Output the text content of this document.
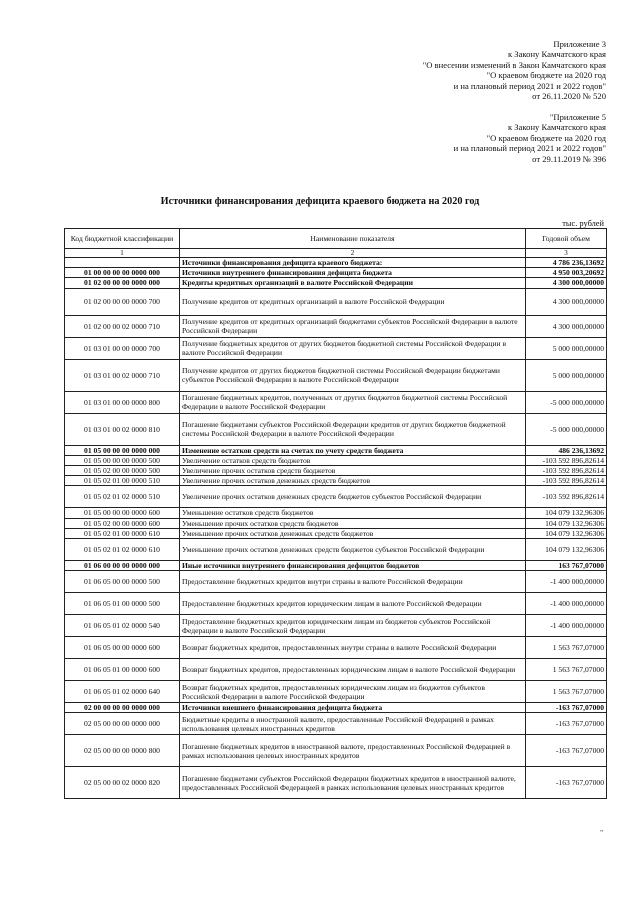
Приложение 3
к Закону Камчатского края
"О внесении изменений в Закон Камчатского края
"О краевом бюджете на 2020 год
и на плановый период 2021 и 2022 годов"
от 26.11.2020 № 520
"Приложение 5
к Закону Камчатского края
"О краевом бюджете на 2020 год
и на плановый период 2021 и 2022 годов"
от 29.11.2019 № 396
Источники финансирования дефицита краевого бюджета на 2020 год
тыс. рублей
Код бюджетной классификации	Наименование показателя	Годовой объем
1	2	3
	Источники финансирования дефицита краевого бюджета:	4 786 236,13692
01 00 00 00 00 0000 000	Источники внутреннего финансирования дефицита бюджета	4 950 003,20692
01 02 00 00 00 0000 000	Кредиты кредитных организаций в валюте Российской Федерации	4 300 000,00000
01 02 00 00 00 0000 700	Получение кредитов от кредитных организаций в валюте Российской Федерации	4 300 000,00000
01 02 00 00 02 0000 710	Получение кредитов от кредитных организаций бюджетами субъектов Российской Федерации в валюте Российской Федерации	4 300 000,00000
01 03 01 00 00 0000 700	Получение бюджетных кредитов от других бюджетов бюджетной системы Российской Федерации в валюте Российской Федерации	5 000 000,00000
01 03 01 00 02 0000 710	Получение кредитов от других бюджетов бюджетной системы Российской Федерации бюджетами субъектов Российской Федерации в валюте Российской Федерации	5 000 000,00000
01 03 01 00 00 0000 800	Погашение бюджетных кредитов, полученных от других бюджетов бюджетной системы Российской Федерации в валюте Российской Федерации	-5 000 000,00000
01 03 01 00 02 0000 810	Погашение бюджетами субъектов Российской Федерации кредитов от других бюджетов бюджетной системы Российской Федерации в валюте Российской Федерации	-5 000 000,00000
01 05 00 00 00 0000 000	Изменение остатков средств на счетах по учету средств бюджета	486 236,13692
01 05 00 00 00 0000 500	Увеличение остатков средств бюджетов	-103 592 896,82614
01 05 02 00 00 0000 500	Увеличение прочих остатков средств бюджетов	-103 592 896,82614
01 05 02 01 00 0000 510	Увеличение прочих остатков денежных средств бюджетов	-103 592 896,82614
01 05 02 01 02 0000 510	Увеличение прочих остатков денежных средств бюджетов субъектов Российской Федерации	-103 592 896,82614
01 05 00 00 00 0000 600	Уменьшение остатков средств бюджетов	104 079 132,96306
01 05 02 00 00 0000 600	Уменьшение прочих остатков средств бюджетов	104 079 132,96306
01 05 02 01 00 0000 610	Уменьшение прочих остатков денежных средств бюджетов	104 079 132,96306
01 05 02 01 02 0000 610	Уменьшение прочих остатков денежных средств бюджетов субъектов Российской Федерации	104 079 132,96306
01 06 00 00 00 0000 000	Иные источники внутреннего финансирования дефицитов бюджетов	163 767,07000
01 06 05 00 00 0000 500	Предоставление бюджетных кредитов внутри страны в валюте Российской Федерации	-1 400 000,00000
01 06 05 01 00 0000 500	Предоставление бюджетных кредитов юридическим лицам в валюте Российской Федерации	-1 400 000,00000
01 06 05 01 02 0000 540	Предоставление бюджетных кредитов юридическим лицам из бюджетов субъектов Российской Федерации в валюте Российской Федерации	-1 400 000,00000
01 06 05 00 00 0000 600	Возврат бюджетных кредитов, предоставленных внутри страны в валюте Российской Федерации	1 563 767,07000
01 06 05 01 00 0000 600	Возврат бюджетных кредитов, предоставленных юридическим лицам в валюте Российской Федерации	1 563 767,07000
01 06 05 01 02 0000 640	Возврат бюджетных кредитов, предоставленных юридическим лицам из бюджетов субъектов Российской Федерации в валюте Российской Федерации	1 563 767,07000
02 00 00 00 00 0000 000	Источники внешнего финансирования дефицита бюджета	-163 767,07000
02 05 00 00 00 0000 000	Бюджетные кредиты в иностранной валюте, предоставленные Российской Федерацией в рамках использования целевых иностранных кредитов	-163 767,07000
02 05 00 00 00 0000 800	Погашение бюджетных кредитов в иностранной валюте, предоставленных Российской Федерацией в рамках использования целевых иностранных кредитов	-163 767,07000
02 05 00 00 02 0000 820	Погашение бюджетами субъектов Российской Федерации бюджетных кредитов в иностранной валюте, предоставленных Российской Федерацией в рамках использования целевых иностранных кредитов	-163 767,07000
"
